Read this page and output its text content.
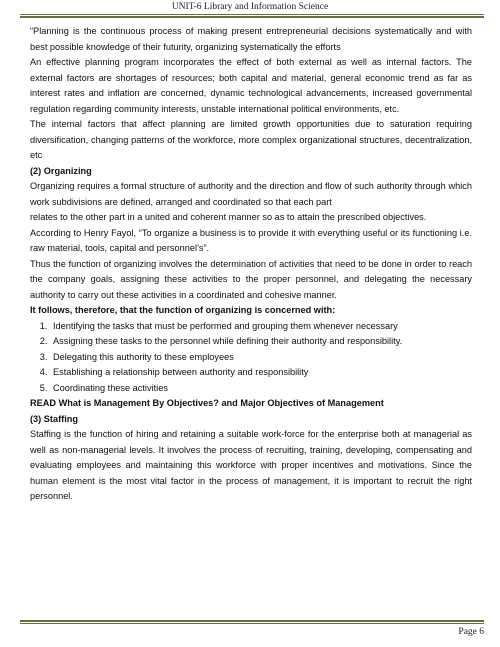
UNIT-6 Library and Information Science

“Planning is the continuous process of making present entrepreneurial decisions systematically and with best possible knowledge of their futurity, organizing systematically the efforts

An effective planning program incorporates the effect of both external as well as internal factors. The external factors are shortages of resources; both capital and material, general economic trend as far as interest rates and inflation are concerned, dynamic technological advancements, increased governmental regulation regarding community interests, unstable international political environments, etc.

The internal factors that affect planning are limited growth opportunities due to saturation requiring diversification, changing patterns of the workforce, more complex organizational structures, decentralization, etc

(2) Organizing

Organizing requires a formal structure of authority and the direction and flow of such authority through which work subdivisions are defined, arranged and coordinated so that each part

relates to the other part in a united and coherent manner so as to attain the prescribed objectives.

According to Henry Fayol, “To organize a business is to provide it with everything useful or its functioning i.e. raw material, tools, capital and personnel’s”.

Thus the function of organizing involves the determination of activities that need to be done in order to reach the company goals, assigning these activities to the proper personnel, and delegating the necessary authority to carry out these activities in a coordinated and cohesive manner.

It follows, therefore, that the function of organizing is concerned with:

1. Identifying the tasks that must be performed and grouping them whenever necessary
2. Assigning these tasks to the personnel while defining their authority and responsibility.
3. Delegating this authority to these employees
4. Establishing a relationship between authority and responsibility
5. Coordinating these activities

READ What is Management By Objectives? and Major Objectives of Management

(3) Staffing

Staffing is the function of hiring and retaining a suitable work-force for the enterprise both at managerial as well as non-managerial levels. It involves the process of recruiting, training, developing, compensating and evaluating employees and maintaining this workforce with proper incentives and motivations. Since the human element is the most vital factor in the process of management, it is important to recruit the right personnel.

Page 6
